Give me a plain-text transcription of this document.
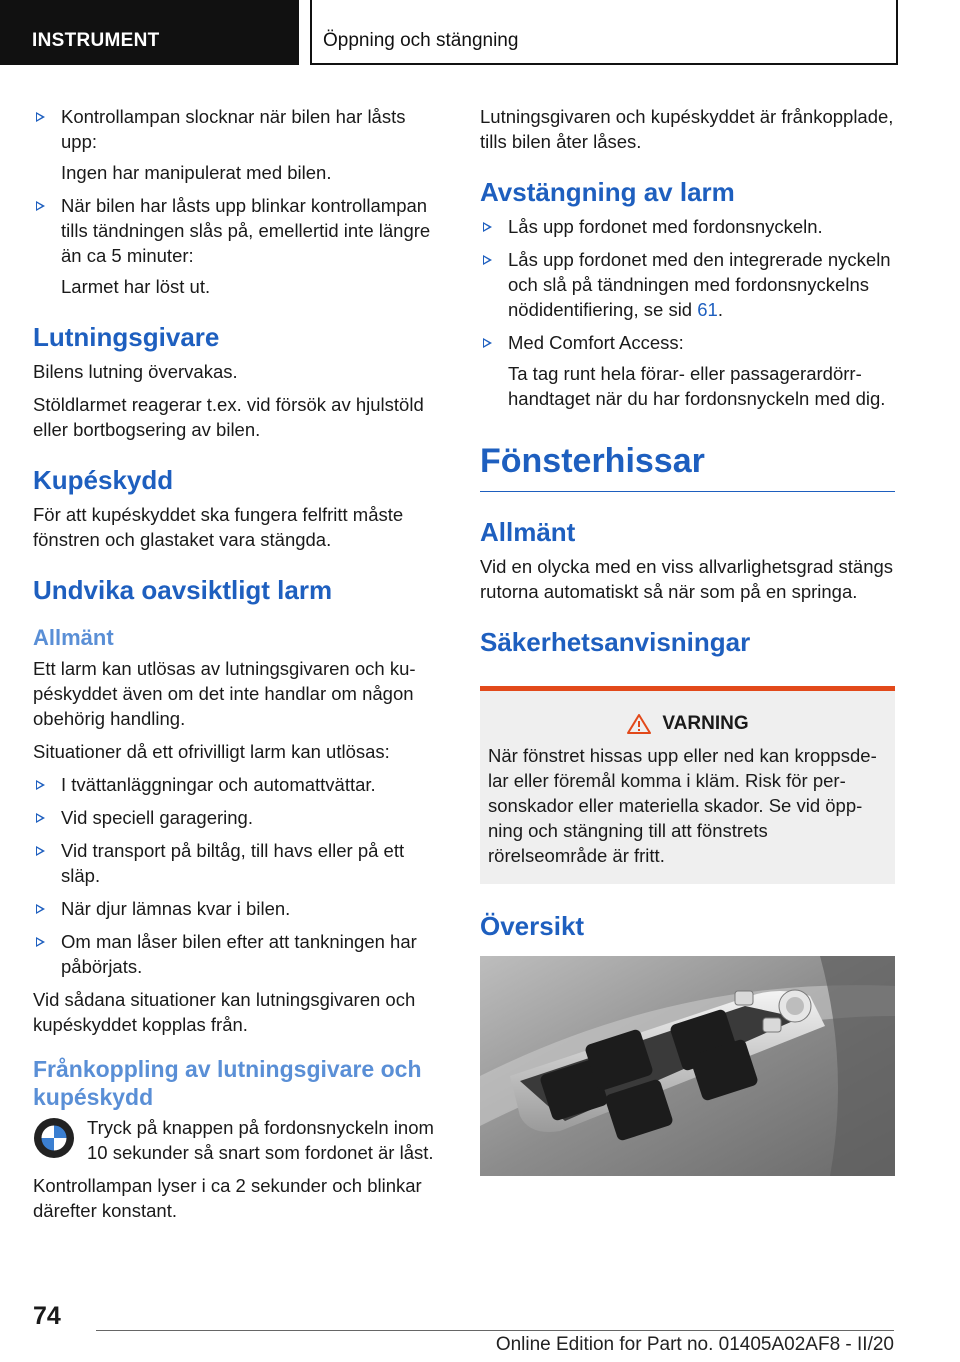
INSTRUMENT	Öppning och stängning

Kontrollampan slocknar när bilen har låsts upp:

Ingen har manipulerat med bilen.

När bilen har låsts upp blinkar kontrollampan tills tändningen slås på, emellertid inte längre än ca 5 minuter:

Larmet har löst ut.

Lutningsgivare

Bilens lutning övervakas.

Stöldlarmet reagerar t.ex. vid försök av hjulstöld eller bortbogsering av bilen.

Kupéskydd

För att kupéskyddet ska fungera felfritt måste fönstren och glastaket vara stängda.

Undvika oavsiktligt larm
Allmänt

Ett larm kan utlösas av lutningsgivaren och kupéskyddet även om det inte handlar om någon obehörig handling.

Situationer då ett ofrivilligt larm kan utlösas:

I tvättanläggningar och automattvättar.

Vid speciell garagering.

Vid transport på biltåg, till havs eller på ett släp.

När djur lämnas kvar i bilen.

Om man låser bilen efter att tankningen har påbörjats.

Vid sådana situationer kan lutningsgivaren och kupéskyddet kopplas från.

Frånkoppling av lutningsgivare och kupéskydd

Tryck på knappen på fordonsnyckeln inom 10 sekunder så snart som fordonet är låst.

Kontrollampan lyser i ca 2 sekunder och blinkar därefter konstant.

Lutningsgivaren och kupéskyddet är frånkopplade, tills bilen åter låses.

Avstängning av larm

Lås upp fordonet med fordonsnyckeln.

Lås upp fordonet med den integrerade nyckeln och slå på tändningen med fordonsnyckelns nödidentifiering, se sid 61.

Med Comfort Access:

Ta tag runt hela förar- eller passagerardörrhandtaget när du har fordonsnyckeln med dig.

Fönsterhissar
Allmänt

Vid en olycka med en viss allvarlighetsgrad stängs rutorna automatiskt så när som på en springa.

Säkerhetsanvisningar
VARNING

När fönstret hissas upp eller ned kan kroppsdelar eller föremål komma i kläm. Risk för personskador eller materiella skador. Se vid öppning och stängning till att fönstrets rörelseområde är fritt.

Översikt
74
Online Edition for Part no. 01405A02AF8 - II/20
